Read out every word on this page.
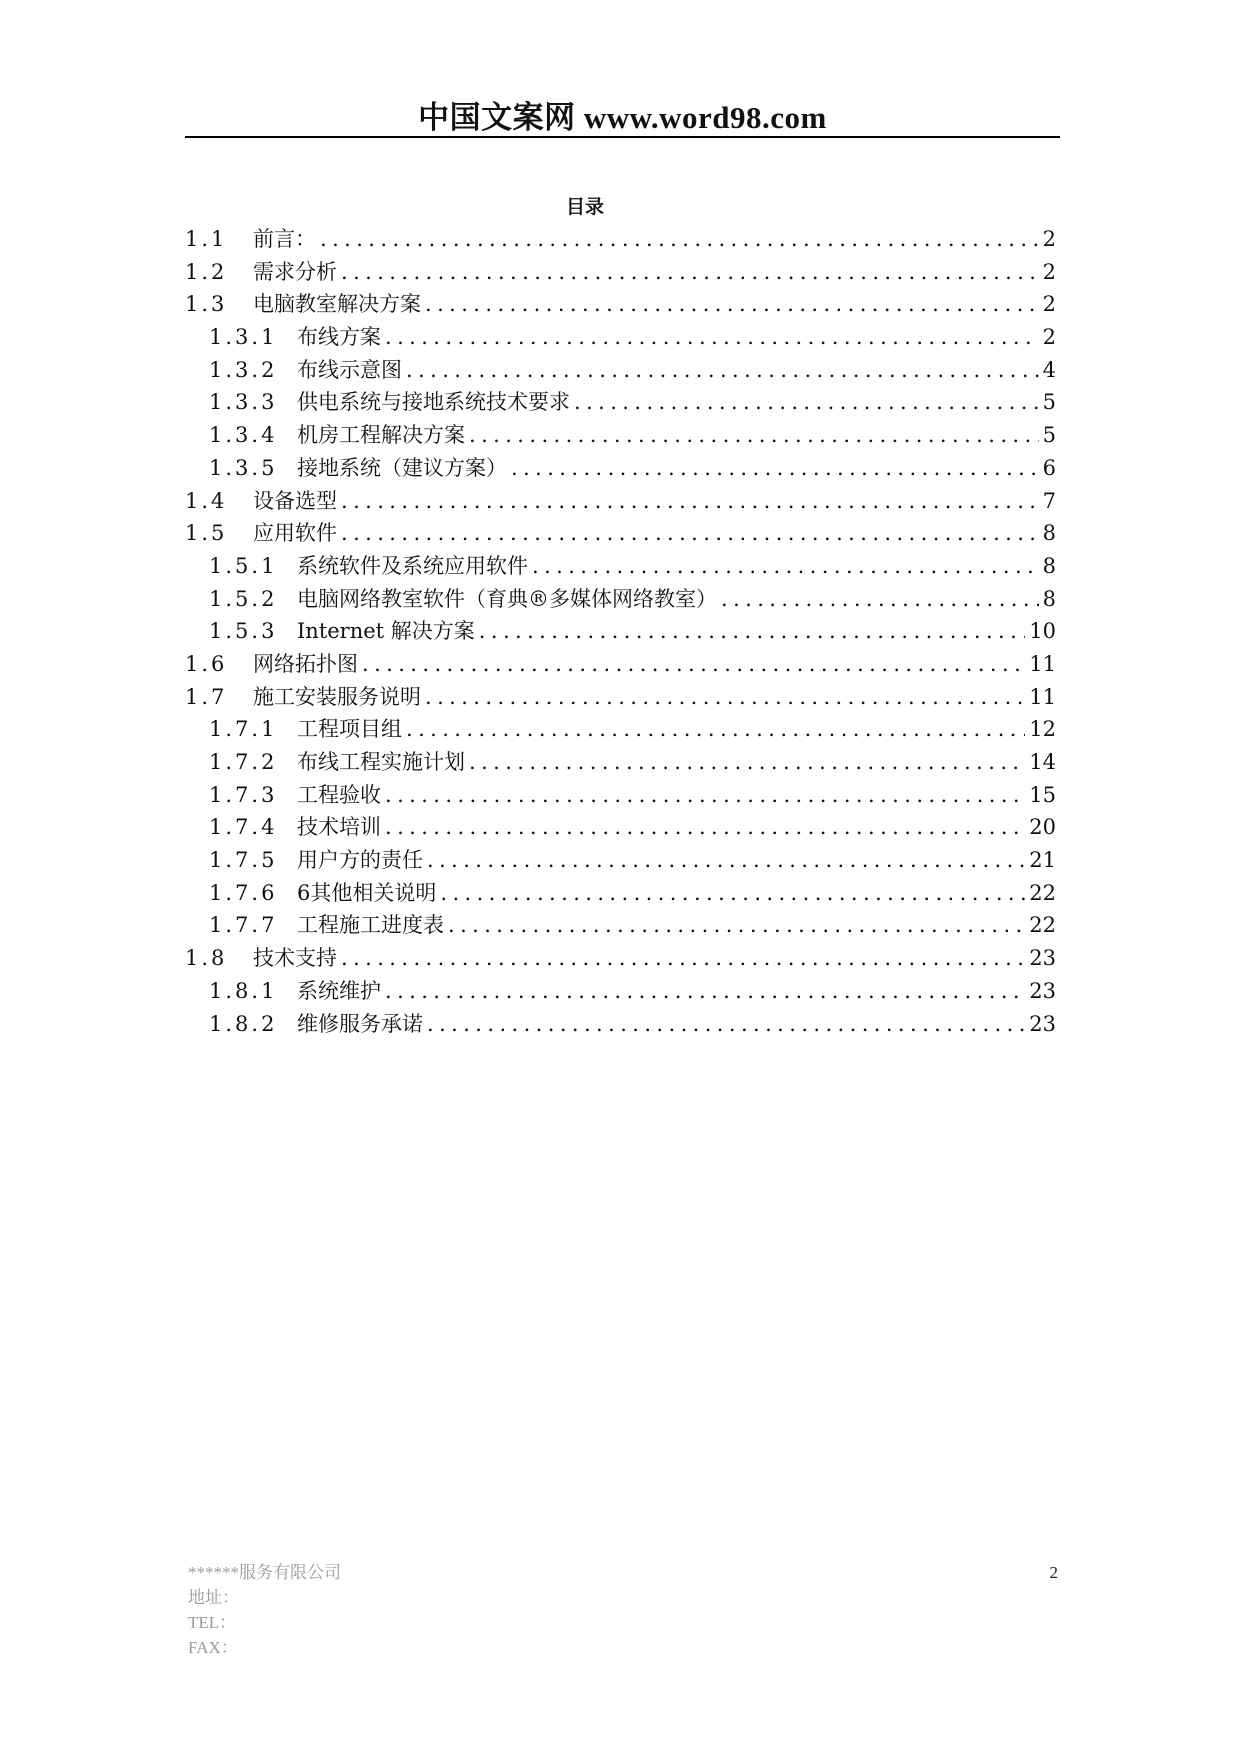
中国文案网 www.word98.com
目录
1.1	前言： .....	2
1.2	需求分析 .....	2
1.3	电脑教室解决方案 .....	2
1.3.1 布线方案 .....	2
1.3.2 布线示意图 .....	4
1.3.3 供电系统与接地系统技术要求 .....	5
1.3.4 机房工程解决方案 .....	5
1.3.5 接地系统（建议方案） .....	6
1.4	设备选型 .....	7
1.5	应用软件 .....	8
1.5.1 系统软件及系统应用软件 .....	8
1.5.2 电脑网络教室软件（育典®多媒体网络教室） .....	8
1.5.3 Internet 解决方案 .....	10
1.6	网络拓扑图 .....	11
1.7	施工安装服务说明 .....	11
1.7.1 工程项目组 .....	12
1.7.2 布线工程实施计划 .....	14
1.7.3 工程验收 .....	15
1.7.4 技术培训 .....	20
1.7.5 用户方的责任 .....	21
1.7.6 6其他相关说明 .....	22
1.7.7 工程施工进度表 .....	22
1.8	技术支持 .....	23
1.8.1 系统维护 .....	23
1.8.2 维修服务承诺 .....	23
******服务有限公司
地址：
TEL：
FAX：
2
